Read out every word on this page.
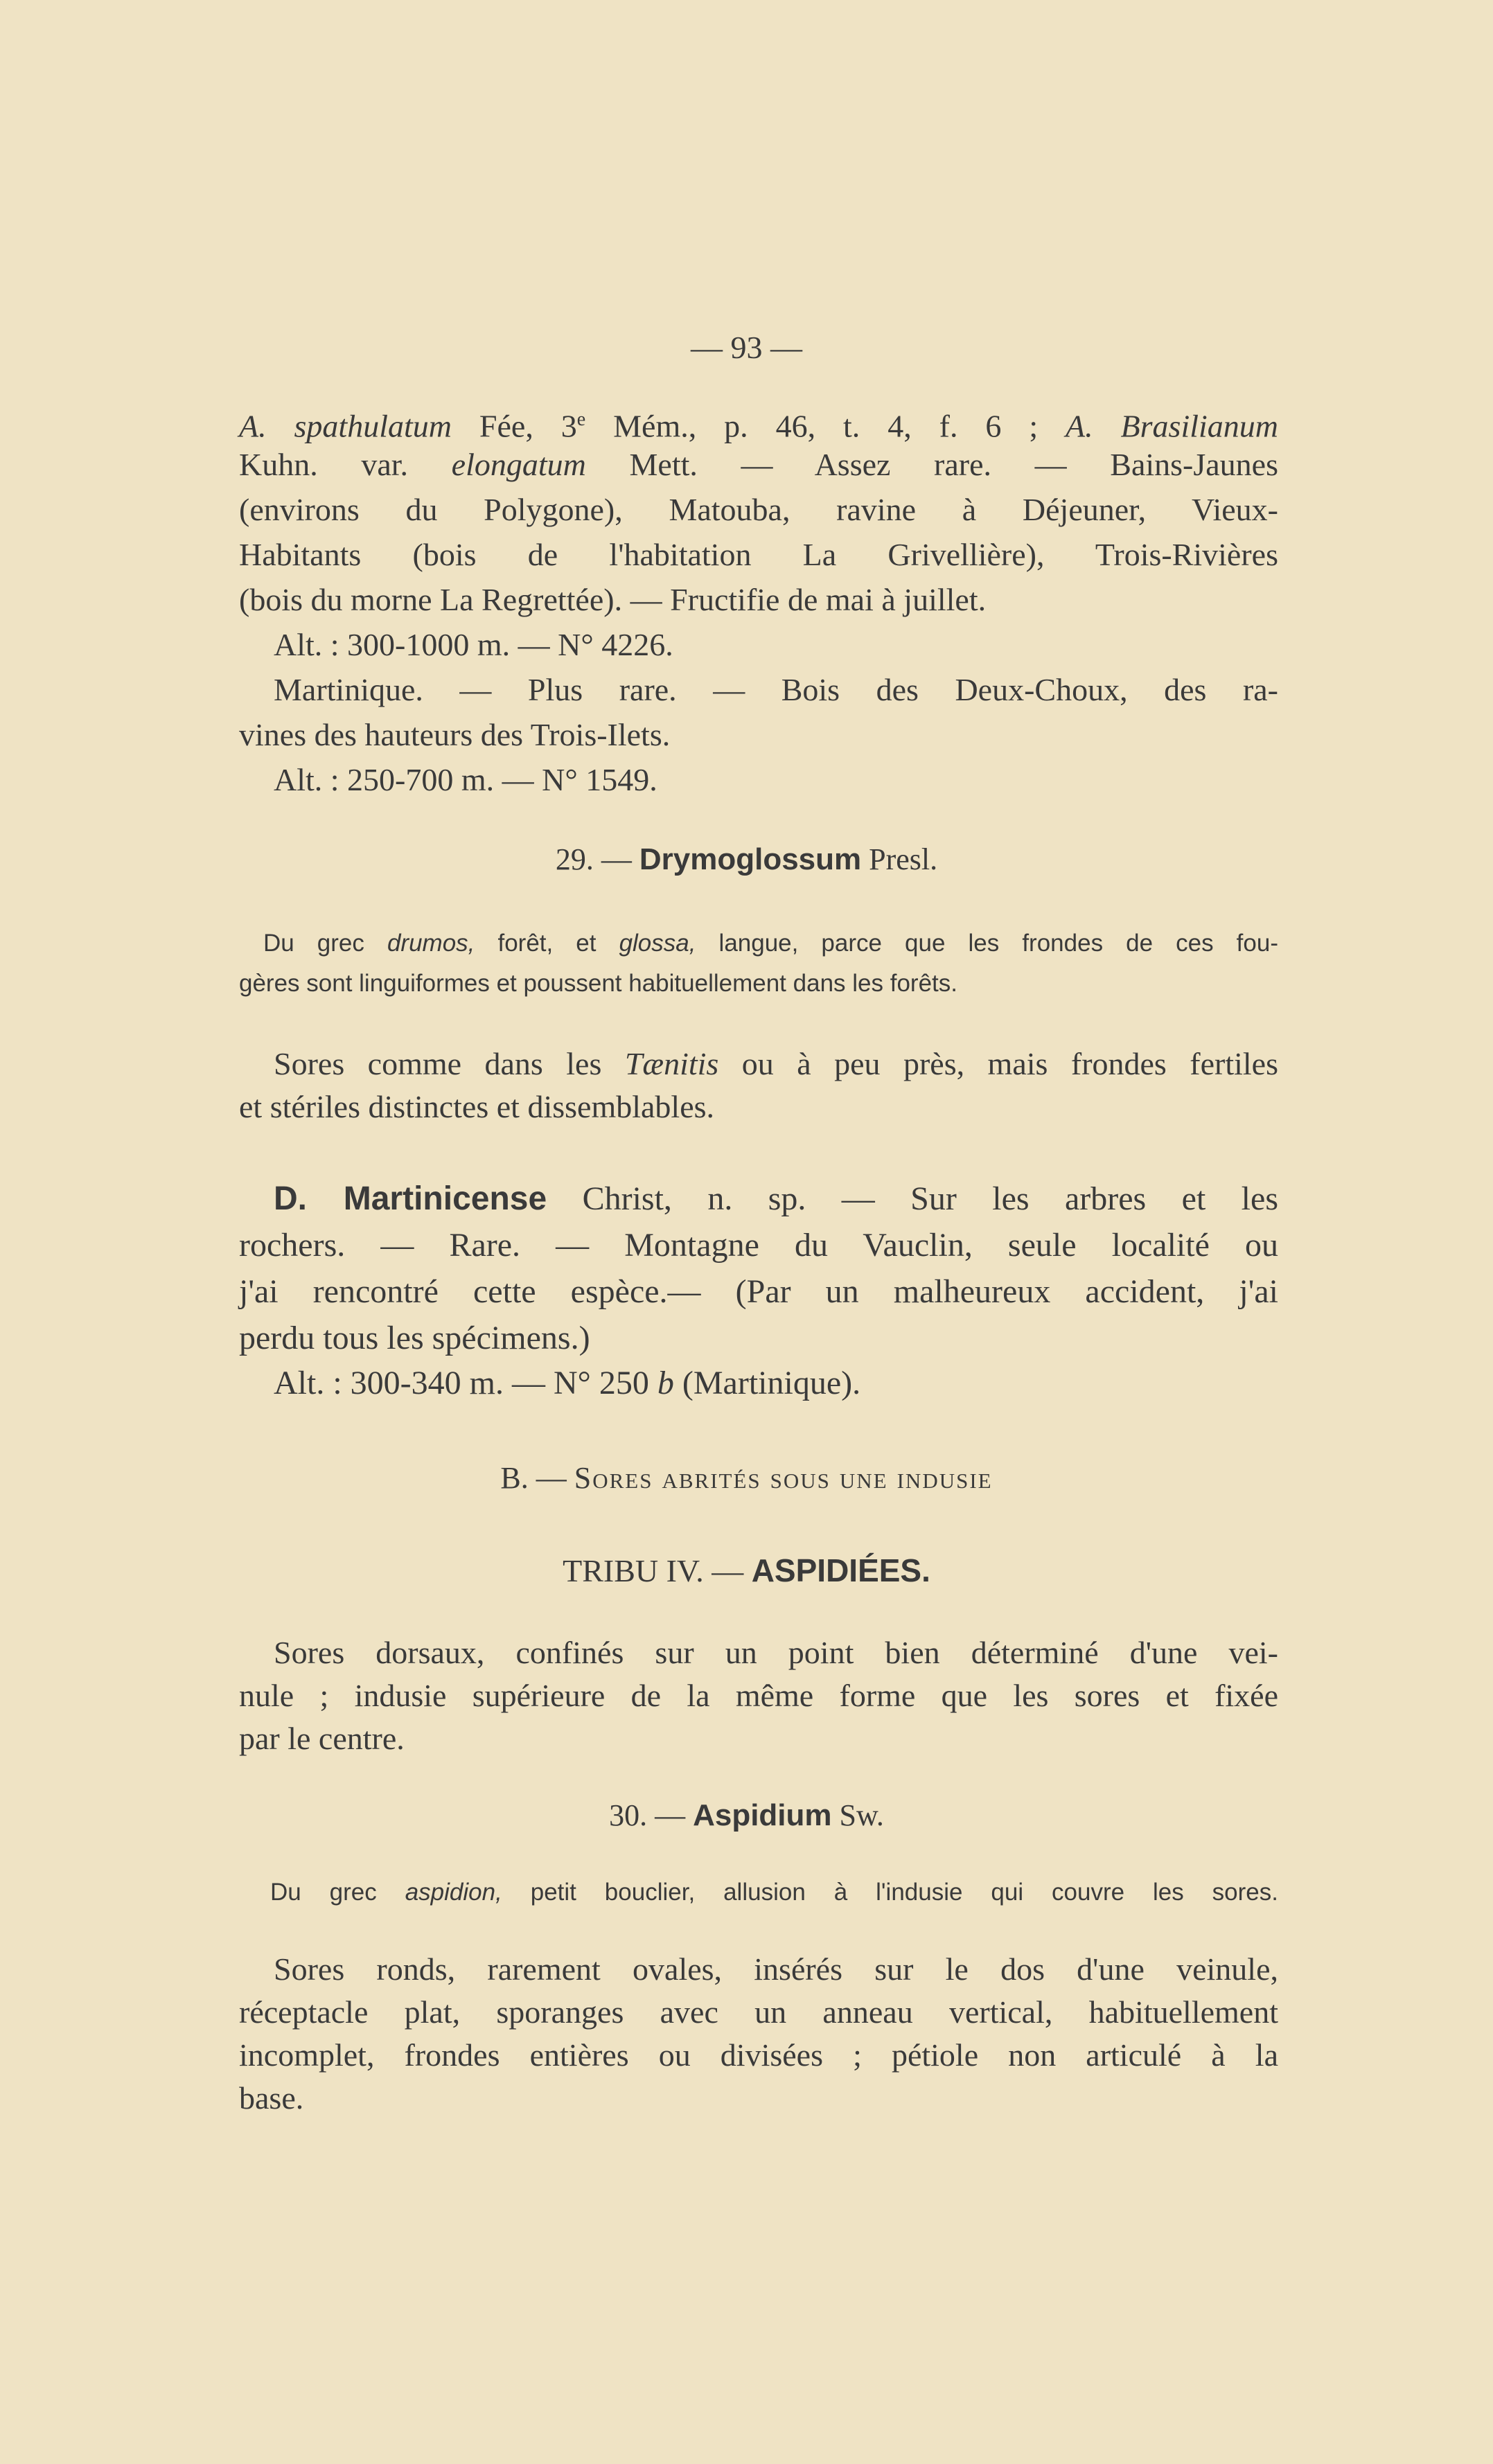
— 93 —

A. spathulatum Fée, 3e Mém., p. 46, t. 4, f. 6 ; A. Brasilianum

Kuhn. var. elongatum Mett. — Assez rare. — Bains-Jaunes

(environs du Polygone), Matouba, ravine à Déjeuner, Vieux-

Habitants (bois de l'habitation La Grivellière), Trois-Rivières

(bois du morne La Regrettée). — Fructifie de mai à juillet.

Alt. : 300-1000 m. — N° 4226.

Martinique. — Plus rare. — Bois des Deux-Choux, des ra-

vines des hauteurs des Trois-Ilets.

Alt. : 250-700 m. — N° 1549.

29. — Drymoglossum Presl.

Du grec drumos, forêt, et glossa, langue, parce que les frondes de ces fou-

gères sont linguiformes et poussent habituellement dans les forêts.

Sores comme dans les Tænitis ou à peu près, mais frondes fertiles

et stériles distinctes et dissemblables.

D. Martinicense Christ, n. sp. — Sur les arbres et les

rochers. — Rare. — Montagne du Vauclin, seule localité ou

j'ai rencontré cette espèce.— (Par un malheureux accident, j'ai

perdu tous les spécimens.)

Alt. : 300-340 m. — N° 250 b (Martinique).

B. — Sores abrités sous une indusie
TRIBU IV. — ASPIDIÉES.

Sores dorsaux, confinés sur un point bien déterminé d'une vei-

nule ; indusie supérieure de la même forme que les sores et fixée

par le centre.

30. — Aspidium Sw.

Du grec aspidion, petit bouclier, allusion à l'indusie qui couvre les sores.

Sores ronds, rarement ovales, insérés sur le dos d'une veinule,

réceptacle plat, sporanges avec un anneau vertical, habituellement

incomplet, frondes entières ou divisées ; pétiole non articulé à la

base.
